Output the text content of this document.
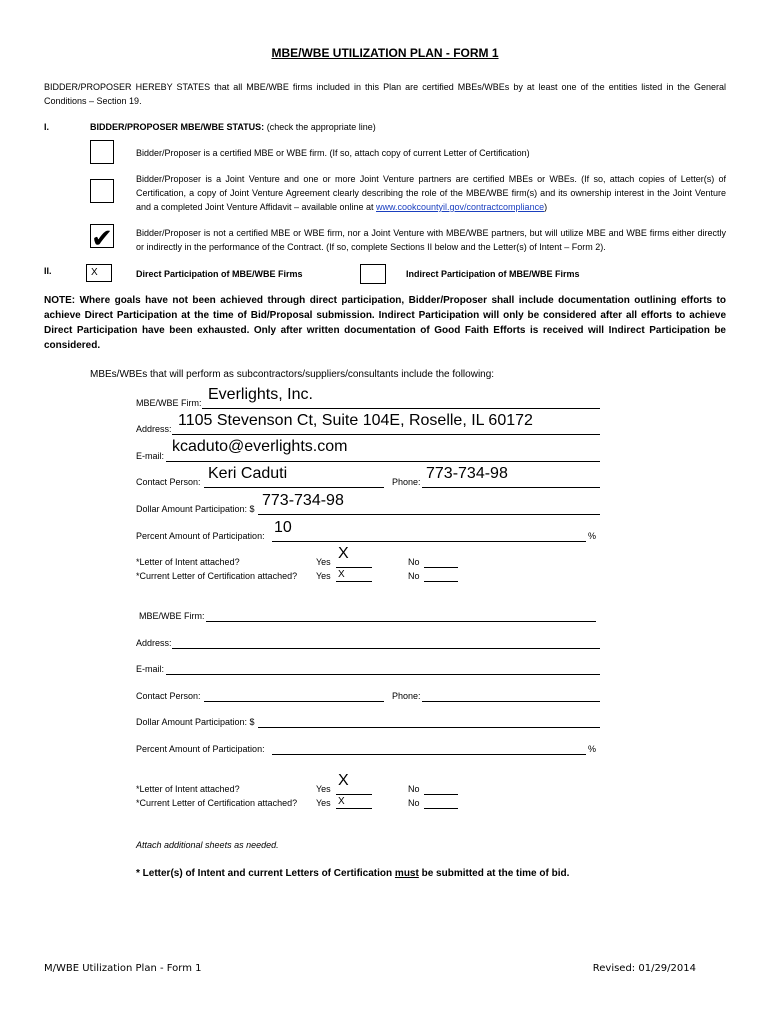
MBE/WBE UTILIZATION PLAN - FORM 1
BIDDER/PROPOSER HEREBY STATES that all MBE/WBE firms included in this Plan are certified MBEs/WBEs by at least one of the entities listed in the General Conditions – Section 19.
I.	BIDDER/PROPOSER MBE/WBE STATUS: (check the appropriate line)
Bidder/Proposer is a certified MBE or WBE firm. (If so, attach copy of current Letter of Certification)
Bidder/Proposer is a Joint Venture and one or more Joint Venture partners are certified MBEs or WBEs. (If so, attach copies of Letter(s) of Certification, a copy of Joint Venture Agreement clearly describing the role of the MBE/WBE firm(s) and its ownership interest in the Joint Venture and a completed Joint Venture Affidavit – available online at www.cookcountyil.gov/contractcompliance)
✔	Bidder/Proposer is not a certified MBE or WBE firm, nor a Joint Venture with MBE/WBE partners, but will utilize MBE and WBE firms either directly or indirectly in the performance of the Contract. (If so, complete Sections II below and the Letter(s) of Intent – Form 2).
II.	X	Direct Participation of MBE/WBE Firms	Indirect Participation of MBE/WBE Firms
NOTE: Where goals have not been achieved through direct participation, Bidder/Proposer shall include documentation outlining efforts to achieve Direct Participation at the time of Bid/Proposal submission. Indirect Participation will only be considered after all efforts to achieve Direct Participation have been exhausted. Only after written documentation of Good Faith Efforts is received will Indirect Participation be considered.
MBEs/WBEs that will perform as subcontractors/suppliers/consultants include the following:
MBE/WBE Firm: Everlights, Inc.
Address: 1105 Stevenson Ct, Suite 104E, Roselle, IL 60172
E-mail:
kcaduto@everlights.com
Contact Person: Keri Caduti	Phone: 773-734-98
Dollar Amount Participation: $ 773-734-98
Percent Amount of Participation: 10	%
*Letter of Intent attached?	Yes X	No
*Current Letter of Certification attached? Yes X	No
MBE/WBE Firm:
Address:
E-mail:
Contact Person:	Phone:
Dollar Amount Participation: $
Percent Amount of Participation:	%
*Letter of Intent attached?	Yes X	No
*Current Letter of Certification attached? Yes X	No
Attach additional sheets as needed.
* Letter(s) of Intent and current Letters of Certification must be submitted at the time of bid.
M/WBE Utilization Plan - Form 1	Revised: 01/29/2014
